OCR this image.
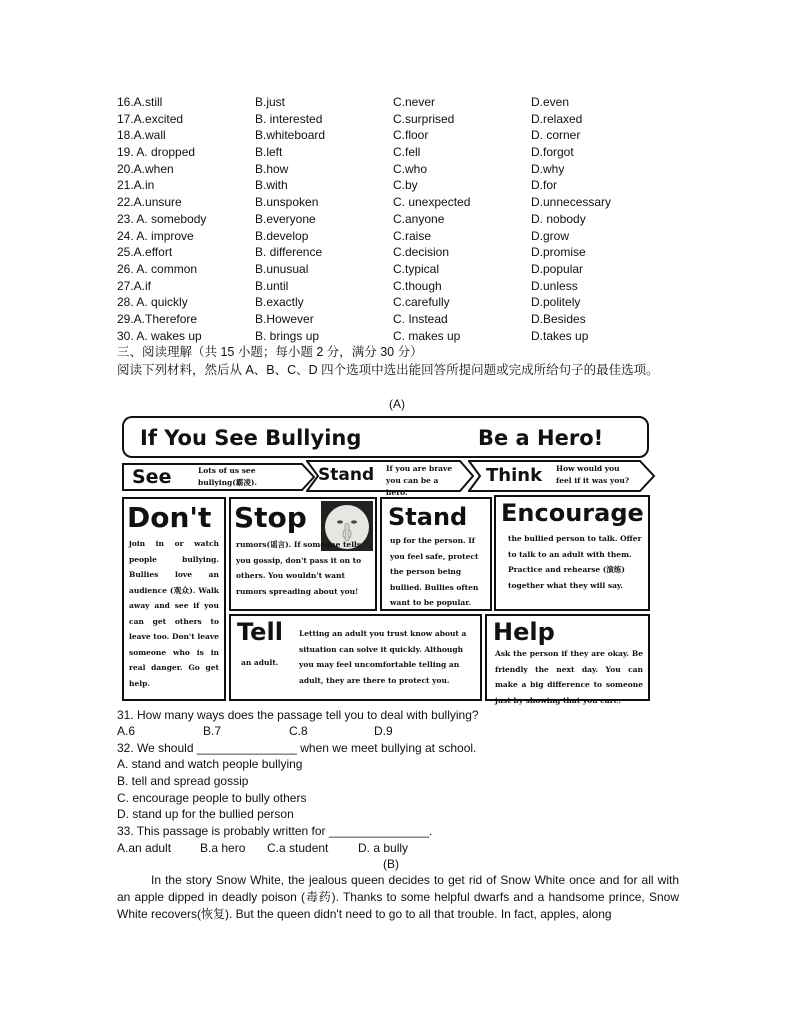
16.A.still	B.just	C.never	D.even
17.A.excited	B. interested	C.surprised	D.relaxed
18.A.wall	B.whiteboard	C.floor	D. corner
19. A. dropped	B.left	C.fell	D.forgot
20.A.when	B.how	C.who	D.why
21.A.in	B.with	C.by	D.for
22.A.unsure	B.unspoken	C. unexpected	D.unnecessary
23. A. somebody	B.everyone	C.anyone	D. nobody
24. A. improve	B.develop	C.raise	D.grow
25.A.effort	B. difference	C.decision	D.promise
26. A. common	B.unusual	C.typical	D.popular
27.A.if	B.until	C.though	D.unless
28. A. quickly	B.exactly	C.carefully	D.politely
29.A.Therefore	B.However	C. Instead	D.Besides
30. A. wakes up	B. brings up	C. makes up	D.takes up
三、阅读理解（共 15 小题；每小题 2 分，满分 30 分）
阅读下列材料，然后从 A、B、C、D 四个选项中选出能回答所提问题或完成所给句子的最佳选项。
(A)
If You See Bullying	Be a Hero!
See	Lots of us see bullying(霸凌).	Stand If you are brave you can be a hero.
Think How would you feel if it was you?
Don't
join in or watch people bullying. Bullies love an audience (观众). Walk away and see if you can get others to leave too. Don't leave someone who is in real danger. Go get help.
Stop
rumors(谣言). If someone tells you gossip, don't pass it on to others. You wouldn't want rumors spreading about you!
Stand
up for the person. If you feel safe, protect the person being bullied. Bullies often want to be popular.
Encourage
the bullied person to talk. Offer to talk to an adult with them. Practice and rehearse (演练) together what they will say.
Tell
an adult.
Letting an adult you trust know about a situation can solve it quickly. Although you may feel uncomfortable telling an adult, they are there to protect you.
Help
Ask the person if they are okay. Be friendly the next day. You can make a big difference to someone just by showing that you care.
31. How many ways does the passage tell you to deal with bullying?
A.6	B.7	C.8	D.9
32. We should _______________ when we meet bullying at school.
A. stand and watch people bullying
B. tell and spread gossip
C. encourage people to bully others
D. stand up for the bullied person
33. This passage is probably written for _______________.
A.an adult B.a hero C.a student D. a bully
(B)
In the story Snow White, the jealous queen decides to get rid of Snow White once and for all with an apple dipped in deadly poison (毒药). Thanks to some helpful dwarfs and a handsome prince, Snow White recovers(恢复). But the queen didn't need to go to all that trouble. In fact, apples, along
